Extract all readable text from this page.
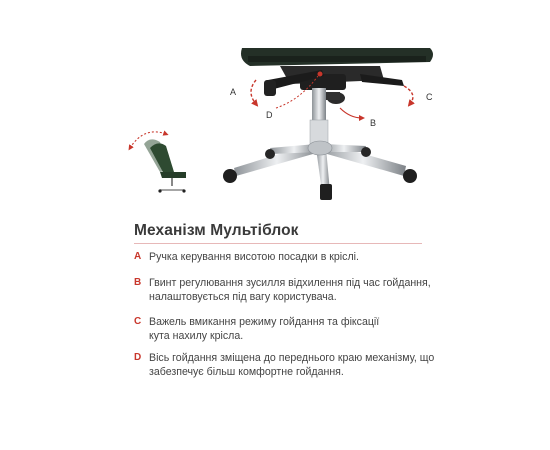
A
B
C
D
Механізм Мультіблок
A Ручка керування висотою посадки в кріслі.
B Гвинт регулювання зусилля відхилення під час гойдання, налаштовується під вагу користувача.
C Важель вмикання режиму гойдання та фіксації кута нахилу крісла.
D Вісь гойдання зміщена до переднього краю механізму, що забезпечує більш комфортне гойдання.
